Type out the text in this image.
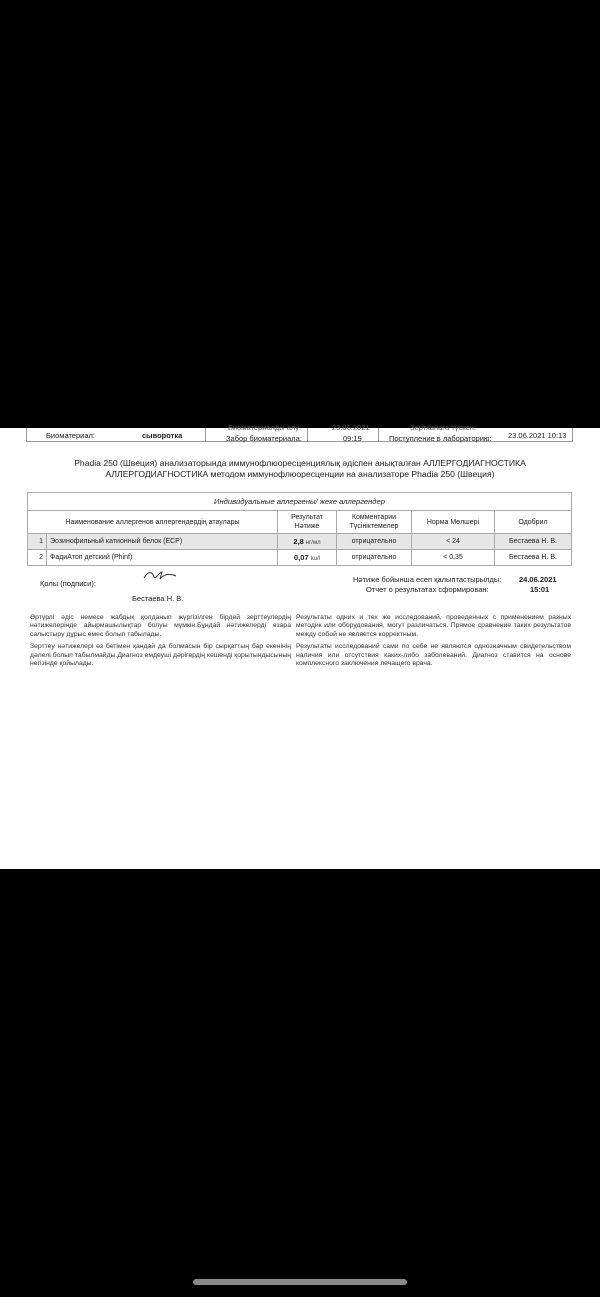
Биоматериал:	сыворотка
Биоматериалды алу:
Забор биоматериала:
23.06.2021
09:19
Зертханаға түскен:
Поступление в лабораторию: 23.06.2021 10:13
Phadia 250 (Швеция) анализаторында иммунофлюоресценциялық әдіспен анықталған АЛЛЕРГОДИАГНОСТИКА
АЛЛЕРГОДИАГНОСТИКА методом иммунофлюоресценции на анализаторе Phadia 250 (Швеция)
Индивидуальные аллергены/ жеке аллергендер					
Наименование аллергенов аллергендердің атаулары		Результат Нәтиже	Комментарии Түсініктемелер	Норма Мөлшері	Одобрил
1	Эозинофильный катионный белок (ECP)	2,8 нг/мл	отрицательно	< 24	Бестаева Н. В.
2	ФадиАтоп детский (Phinf)	0,07 ku/l	отрицательно	< 0,35	Бестаева Н. В.
Қолы (подписи):
Бестаева Н. В.
Нәтиже бойынша есеп қалыптастырылды: 24.06.2021
Отчет о результатах сформирован:	15:01

Әртүрлі әдіс немесе жабдық қолданып жүргізілген бірдей зерттеулердің нәтижелерінде айырмашылықтар болуы мүмкін.Бұндай нәтижелерді өзара салыстыру дұрыс емес болып табылады.

Зерттеу нәтижелері өз бетімен қандай да болмасын бір сырқаттың бар екенінің дәлелі болып табылмайды.Диагноз емдеуші дәрігердің кешенді қорытындысының негізінде қойылады.

Результаты одних и тех же исследований, проведенных с применением разных методик или оборудования, могут различаться. Прямое сравнение таких результатов между собой не является корректным.

Результаты исследований сами по себе не являются однозначным свидетельством наличия или отсутствия каких-либо заболеваний. Диагноз ставится на основе комплексного заключения лечащего врача.
